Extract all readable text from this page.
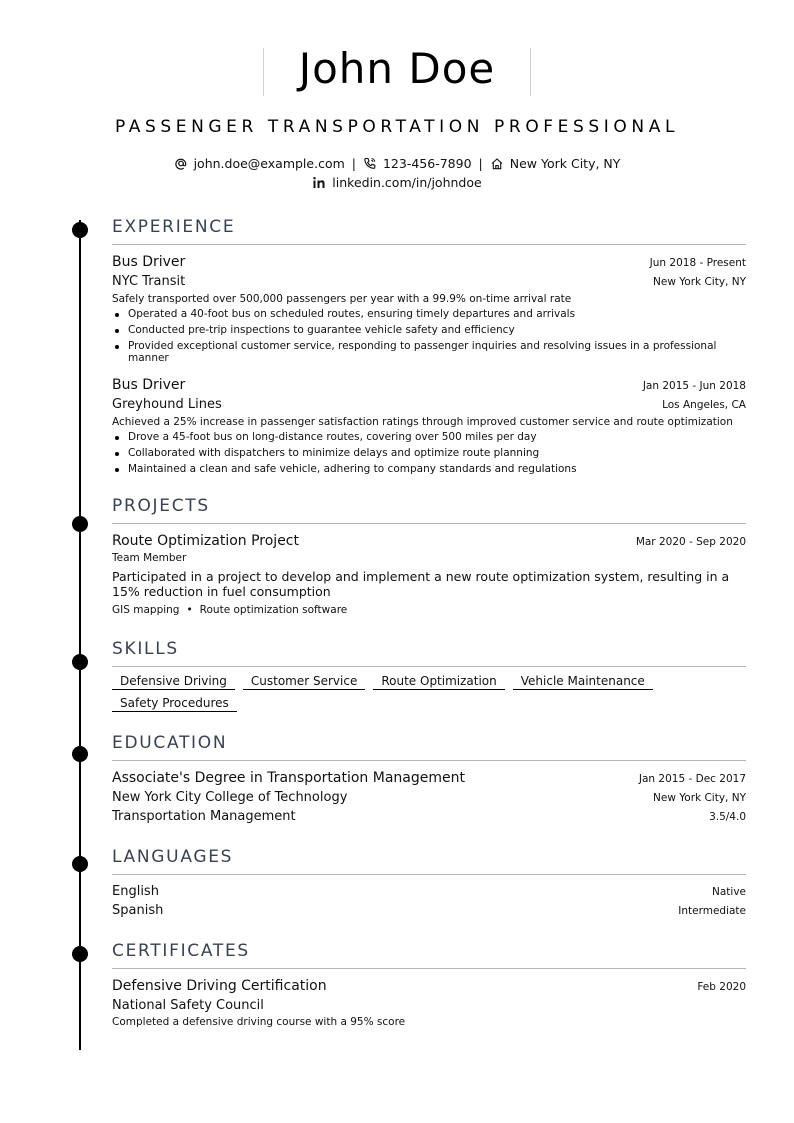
John Doe
PASSENGER TRANSPORTATION PROFESSIONAL
john.doe@example.com | 123-456-7890 | New York City, NY

linkedin.com/in/johndoe
EXPERIENCE
Bus Driver	Jun 2018 - Present
NYC Transit	New York City, NY
Safely transported over 500,000 passengers per year with a 99.9% on-time arrival rate
Operated a 40-foot bus on scheduled routes, ensuring timely departures and arrivals
Conducted pre-trip inspections to guarantee vehicle safety and efficiency
Provided exceptional customer service, responding to passenger inquiries and resolving issues in a professional manner
Bus Driver	Jan 2015 - Jun 2018
Greyhound Lines	Los Angeles, CA
Achieved a 25% increase in passenger satisfaction ratings through improved customer service and route optimization
Drove a 45-foot bus on long-distance routes, covering over 500 miles per day
Collaborated with dispatchers to minimize delays and optimize route planning
Maintained a clean and safe vehicle, adhering to company standards and regulations
PROJECTS
Route Optimization Project	Mar 2020 - Sep 2020
Team Member
Participated in a project to develop and implement a new route optimization system, resulting in a 15% reduction in fuel consumption
GIS mapping • Route optimization software
SKILLS
Defensive Driving	Customer Service	Route Optimization	Vehicle Maintenance
Safety Procedures
EDUCATION
Associate's Degree in Transportation Management	Jan 2015 - Dec 2017
New York City College of Technology	New York City, NY
Transportation Management	3.5/4.0
LANGUAGES
English	Native
Spanish	Intermediate
CERTIFICATES
Defensive Driving Certification	Feb 2020
National Safety Council
Completed a defensive driving course with a 95% score
